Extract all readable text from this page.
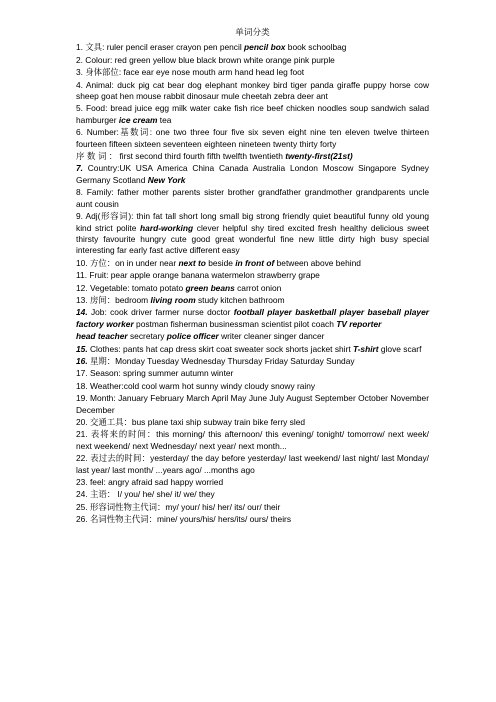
单词分类
1. 文具: ruler pencil eraser crayon pen pencil pencil box book schoolbag
2. Colour: red green yellow blue black brown white orange pink purple
3. 身体部位: face ear eye nose mouth arm hand head leg foot
4. Animal: duck pig cat bear dog elephant monkey bird tiger panda giraffe puppy horse cow sheep goat hen mouse rabbit dinosaur mule cheetah zebra deer ant
5. Food: bread juice egg milk water cake fish rice beef chicken noodles soup sandwich salad hamburger ice cream tea
6. Number:基数词: one two three four five six seven eight nine ten eleven twelve thirteen fourteen fifteen sixteen seventeen eighteen nineteen twenty thirty forty
序 数 词 ： first second third fourth fifth twelfth twentieth twenty-first(21st)
7. Country:UK USA America China Canada Australia London Moscow Singapore Sydney Germany Scotland New York
8. Family: father mother parents sister brother grandfather grandmother grandparents uncle aunt cousin
9. Adj(形容词): thin fat tall short long small big strong friendly quiet beautiful funny old young kind strict polite hard-working clever helpful shy tired excited fresh healthy delicious sweet thirsty favourite hungry cute good great wonderful fine new little dirty high busy special interesting far early fast active different easy
10. 方位：on in under near next to beside in front of between above behind
11. Fruit: pear apple orange banana watermelon strawberry grape
12. Vegetable: tomato potato green beans carrot onion
13. 房间：bedroom living room study kitchen bathroom
14. Job: cook driver farmer nurse doctor football player basketball player baseball player factory worker postman fisherman businessman scientist pilot coach TV reporter
head teacher secretary police officer writer cleaner singer dancer
15. Clothes: pants hat cap dress skirt coat sweater sock shorts jacket shirt T-shirt glove scarf
16. 星期：Monday Tuesday Wednesday Thursday Friday Saturday Sunday
17. Season: spring summer autumn winter
18. Weather:cold cool warm hot sunny windy cloudy snowy rainy
19. Month: January February March April May June July August September October November December
20. 交通工具：bus plane taxi ship subway train bike ferry sled
21. 表将来的时间：this morning/ this afternoon/ this evening/ tonight/ tomorrow/ next week/ next weekend/ next Wednesday/ next year/ next month...
22. 表过去的时间：yesterday/ the day before yesterday/ last weekend/ last night/ last Monday/ last year/ last month/ ...years ago/ ...months ago
23. feel: angry afraid sad happy worried
24. 主语： I/ you/ he/ she/ it/ we/ they
25. 形容词性物主代词：my/ your/ his/ her/ its/ our/ their
26. 名词性物主代词：mine/ yours/his/ hers/its/ ours/ theirs
